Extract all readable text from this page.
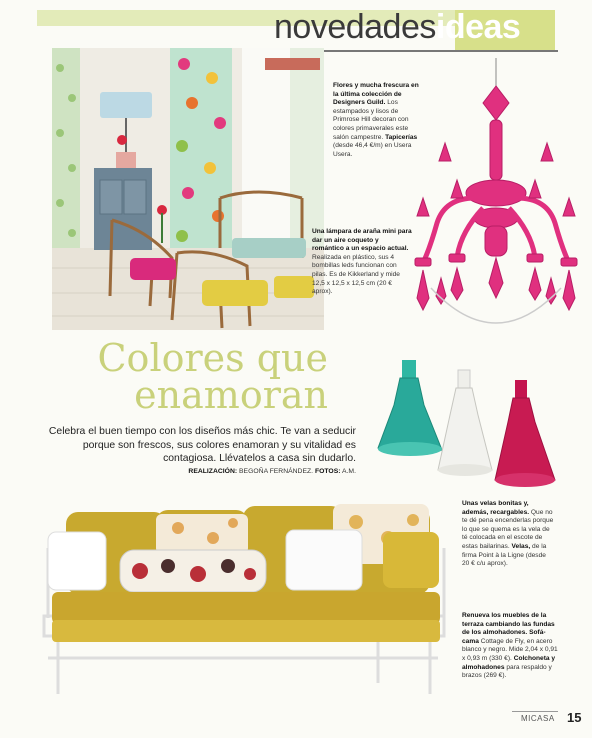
novedadesideas
Flores y mucha frescura en la última colección de Designers Guild. Los estampados y lisos de Primrose Hill decoran con colores primaverales este salón campestre. Tapicerías (desde 46,4 €/m) en Usera Usera.
Una lámpara de araña mini para dar un aire coqueto y romántico a un espacio actual. Realizada en plástico, sus 4 bombillas leds funcionan con pilas. Es de Kikkerland y mide 12,5 x 12,5 x 12,5 cm (20 € aprox).
Colores que
enamoran
Celebra el buen tiempo con los diseños más chic. Te van a seducir porque son frescos, sus colores enamoran y su vitalidad es contagiosa. Llévatelos a casa sin dudarlo.
REALIZACIÓN: BEGOÑA FERNÁNDEZ. FOTOS: A.M.
Unas velas bonitas y, además, recargables. Que no te dé pena encenderlas porque lo que se quema es la vela de té colocada en el escote de estas bailarinas. Velas, de la firma Point à la Ligne (desde 20 € c/u aprox).
Renueva los muebles de la terraza cambiando las fundas de los almohadones. Sofá-cama Cottage de Fly, en acero blanco y negro. Mide 2,04 x 0,91 x 0,93 m (330 €). Colchoneta y almohadones para respaldo y brazos (269 €).
MICASA 15
